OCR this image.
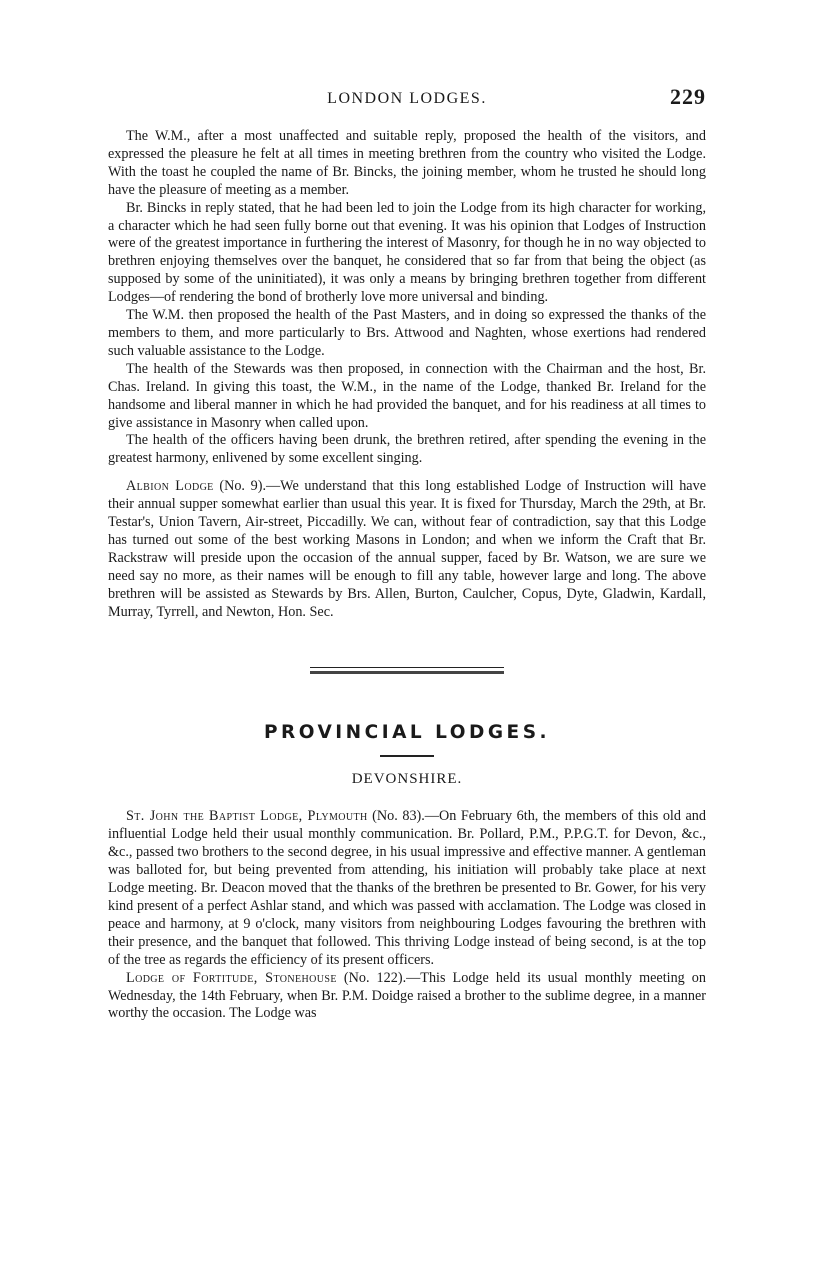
LONDON LODGES.	229

The W.M., after a most unaffected and suitable reply, proposed the health of the visitors, and expressed the pleasure he felt at all times in meeting brethren from the country who visited the Lodge. With the toast he coupled the name of Br. Bincks, the joining member, whom he trusted he should long have the pleasure of meeting as a member.

Br. Bincks in reply stated, that he had been led to join the Lodge from its high character for working, a character which he had seen fully borne out that evening. It was his opinion that Lodges of Instruction were of the greatest importance in furthering the interest of Masonry, for though he in no way objected to brethren enjoying themselves over the banquet, he considered that so far from that being the object (as supposed by some of the uninitiated), it was only a means by bringing brethren together from different Lodges—of rendering the bond of brotherly love more universal and binding.

The W.M. then proposed the health of the Past Masters, and in doing so expressed the thanks of the members to them, and more particularly to Brs. Attwood and Naghten, whose exertions had rendered such valuable assistance to the Lodge.

The health of the Stewards was then proposed, in connection with the Chairman and the host, Br. Chas. Ireland. In giving this toast, the W.M., in the name of the Lodge, thanked Br. Ireland for the handsome and liberal manner in which he had provided the banquet, and for his readiness at all times to give assistance in Masonry when called upon.

The health of the officers having been drunk, the brethren retired, after spending the evening in the greatest harmony, enlivened by some excellent singing.

Albion Lodge (No. 9).—We understand that this long established Lodge of Instruction will have their annual supper somewhat earlier than usual this year. It is fixed for Thursday, March the 29th, at Br. Testar's, Union Tavern, Air-street, Piccadilly. We can, without fear of contradiction, say that this Lodge has turned out some of the best working Masons in London; and when we inform the Craft that Br. Rackstraw will preside upon the occasion of the annual supper, faced by Br. Watson, we are sure we need say no more, as their names will be enough to fill any table, however large and long. The above brethren will be assisted as Stewards by Brs. Allen, Burton, Caulcher, Copus, Dyte, Gladwin, Kardall, Murray, Tyrrell, and Newton, Hon. Sec.

PROVINCIAL LODGES.
DEVONSHIRE.

St. John the Baptist Lodge, Plymouth (No. 83).—On February 6th, the members of this old and influential Lodge held their usual monthly communication. Br. Pollard, P.M., P.P.G.T. for Devon, &c., &c., passed two brothers to the second degree, in his usual impressive and effective manner. A gentleman was balloted for, but being prevented from attending, his initiation will probably take place at next Lodge meeting. Br. Deacon moved that the thanks of the brethren be presented to Br. Gower, for his very kind present of a perfect Ashlar stand, and which was passed with acclamation. The Lodge was closed in peace and harmony, at 9 o'clock, many visitors from neighbouring Lodges favouring the brethren with their presence, and the banquet that followed. This thriving Lodge instead of being second, is at the top of the tree as regards the efficiency of its present officers.

Lodge of Fortitude, Stonehouse (No. 122).—This Lodge held its usual monthly meeting on Wednesday, the 14th February, when Br. P.M. Doidge raised a brother to the sublime degree, in a manner worthy the occasion. The Lodge was
